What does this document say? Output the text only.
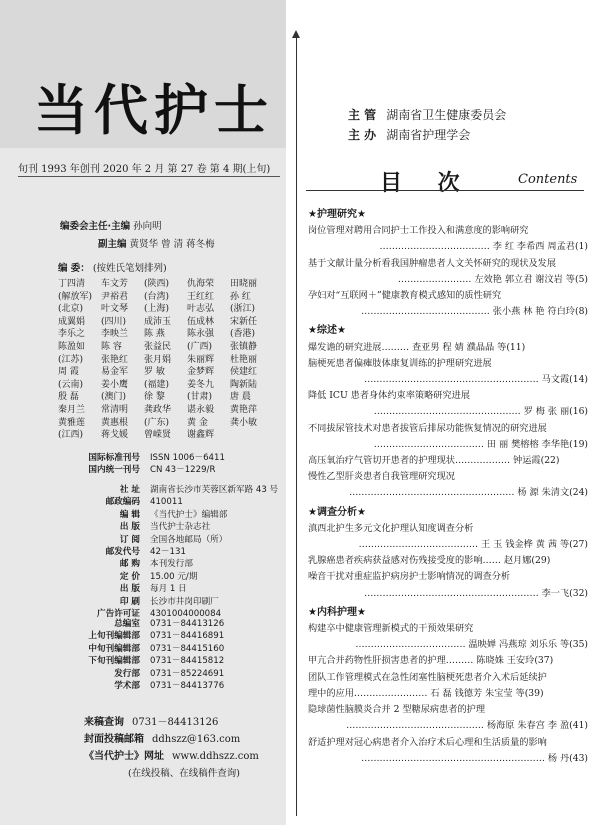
当代护士
旬刊 1993 年创刊 2020 年 2 月 第 27 卷 第 4 期(上旬)
主 管 湖南省卫生健康委员会
主 办 湖南省护理学会
目 次	Contents
★护理研究★
岗位管理对聘用合同护士工作投入和满意度的影响研究
……………………………… 李 红 李希西 周孟君(1)
基于文献计量分析看我国肿瘤患者人文关怀研究的现状及发展
…………………… 左效艳 郭立君 谢汶岩 等(5)
孕妇对“互联网＋”健康教育模式感知的质性研究
…………………………………… 张小燕 林 艳 符白玲(8)
★综述★
爆发谵的研究进展……… 查亚男 程 婧 濮晶晶 等(11)
脑梗死患者偏瘫肢体康复训练的护理研究进展
………………………………………………… 马文霞(14)
降低 ICU 患者身体约束率策略研究进展
………………………………………… 罗 梅 张 丽(16)
不同拔尿管技术对患者拔管后排尿功能恢复情况的研究进展
……………………………… 田 丽 樊榕榕 李华艳(19)
高压氧治疗气管切开患者的护理现状……………… 钟运霞(22)
慢性乙型肝炎患者自我管理研究现况
……………………………………………… 杨 源 朱清文(24)
★调查分析★
滇西北护生多元文化护理认知度调查分析
………………………………… 王 玉 钱金桦 黄 茜 等(27)
乳腺癌患者疾病获益感对伤残接受度的影响…… 赵月娜(29)
噪音干扰对重症监护病房护士影响情况的调查分析
………………………………………………… 李一飞(32)
★内科护理★
构建卒中健康管理新模式的干预效果研究
……………………………… 温映婵 冯燕琼 刘乐乐 等(35)
甲亢合并药物性肝损害患者的护理……… 陈晓姝 王安玲(37)
团队工作管理模式在急性闭塞性脑梗死患者介入术后延续护
理中的应用…………………… 石 磊 钱德芳 朱宝莹 等(39)
隐球菌性脑膜炎合并 2 型糖尿病患者的护理
……………………………………… 杨海原 朱春宫 李 盈(41)
舒适护理对冠心病患者介入治疗术后心理和生活质量的影响
…………………………………………………… 杨 丹(43)
编委会主任·主编 孙向明
副主编 黄贤华 曾 清 蒋冬梅
编 委： (按姓氏笔划排列)
丁四清	车文芳	(陕西)	仇海荣	田晓丽
(解放军) 尹裕君	(台湾)	王红红	孙 红
(北京)	叶文琴	(上海)	叶志弘	(浙江)
成翼娟	(四川)	成沛玉	伍成林	宋新任
李乐之	李映兰	陈 燕	陈永强	(香港)
陈盈如	陈 容	张益民	(广西)	张镇静
(江苏)	张艳红	张月娟	朱丽辉	杜艳丽
周 霞	易金军	罗 敏	金梦辉	侯建红
(云南)	姜小鹰	(福建)	姜冬九	陶新陆
殷 磊	(澳门)	徐 黎	(甘肃)	唐 晨
秦月兰	常清明	龚政华	谌永毅	黄艳萍
黄雅莲	黄惠根	(广东)	黄 金	龚小敏
(江西)	蒋戈媛	曾嵘贤	谢鑫辉
国际标准刊号	ISSN 1006－6411
国内统一刊号	CN 43－1229/R
社 址	湖南省长沙市芙蓉区新军路 43 号
邮政编码	410011
编 辑	《当代护士》编辑部
出 版	当代护士杂志社
订 阅	全国各地邮局（所）
邮发代号	42－131
邮 购	本刊发行部
定 价	15.00 元/期
出 版	每月 1 日
印 刷	长沙市井岗印刷厂
广告许可证	4301004000084
总编室	0731－84413126
上旬刊编辑部	0731－84416891
中旬刊编辑部	0731－84415160
下旬刊编辑部	0731－84415812
发行部	0731－85224691
学术部	0731－84413776
来稿查询 0731－84413126
封面投稿邮箱 ddhszz@163.com
《当代护士》网址 www.ddhszz.com
(在线投稿、在线稿件查询)
